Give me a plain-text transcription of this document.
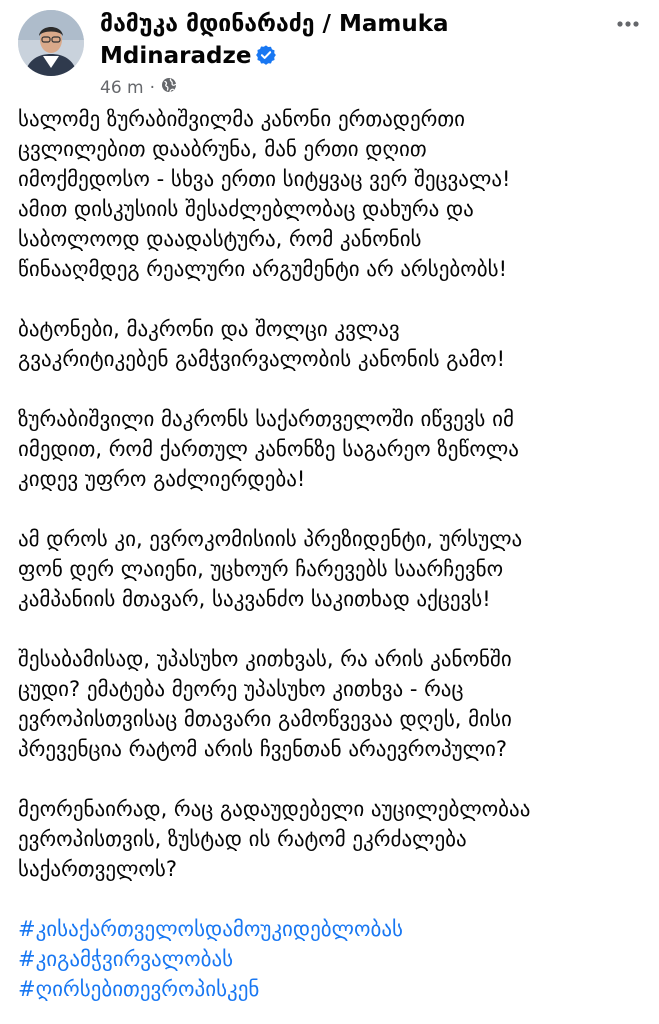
მამუკა მდინარაძე / Mamuka Mdinaradze
46 m ·

სალომე ზურაბიშვილმა კანონი ერთადერთი
ცვლილებით დააბრუნა, მან ერთი დღით
იმოქმედოსო - სხვა ერთი სიტყვაც ვერ შეცვალა!
ამით დისკუსიის შესაძლებლობაც დახურა და
საბოლოოდ დაადასტურა, რომ კანონის
წინააღმდეგ რეალური არგუმენტი არ არსებობს!

ბატონები, მაკრონი და შოლცი კვლავ
გვაკრიტიკებენ გამჭვირვალობის კანონის გამო!

ზურაბიშვილი მაკრონს საქართველოში იწვევს იმ
იმედით, რომ ქართულ კანონზე საგარეო ზეწოლა
კიდევ უფრო გაძლიერდება!

ამ დროს კი, ევროკომისიის პრეზიდენტი, ურსულა
ფონ დერ ლაიენი, უცხოურ ჩარევებს საარჩევნო
კამპანიის მთავარ, საკვანძო საკითხად აქცევს!

შესაბამისად, უპასუხო კითხვას, რა არის კანონში
ცუდი? ემატება მეორე უპასუხო კითხვა - რაც
ევროპისთვისაც მთავარი გამოწვევაა დღეს, მისი
პრევენცია რატომ არის ჩვენთან არაევროპული?

მეორენაირად, რაც გადაუდებელი აუცილებლობაა
ევროპისთვის, ზუსტად ის რატომ ეკრძალება
საქართველოს?

#კისაქართველოსდამოუკიდებლობას
#კიგამჭვირვალობას
#ღირსებითევროპისკენ
